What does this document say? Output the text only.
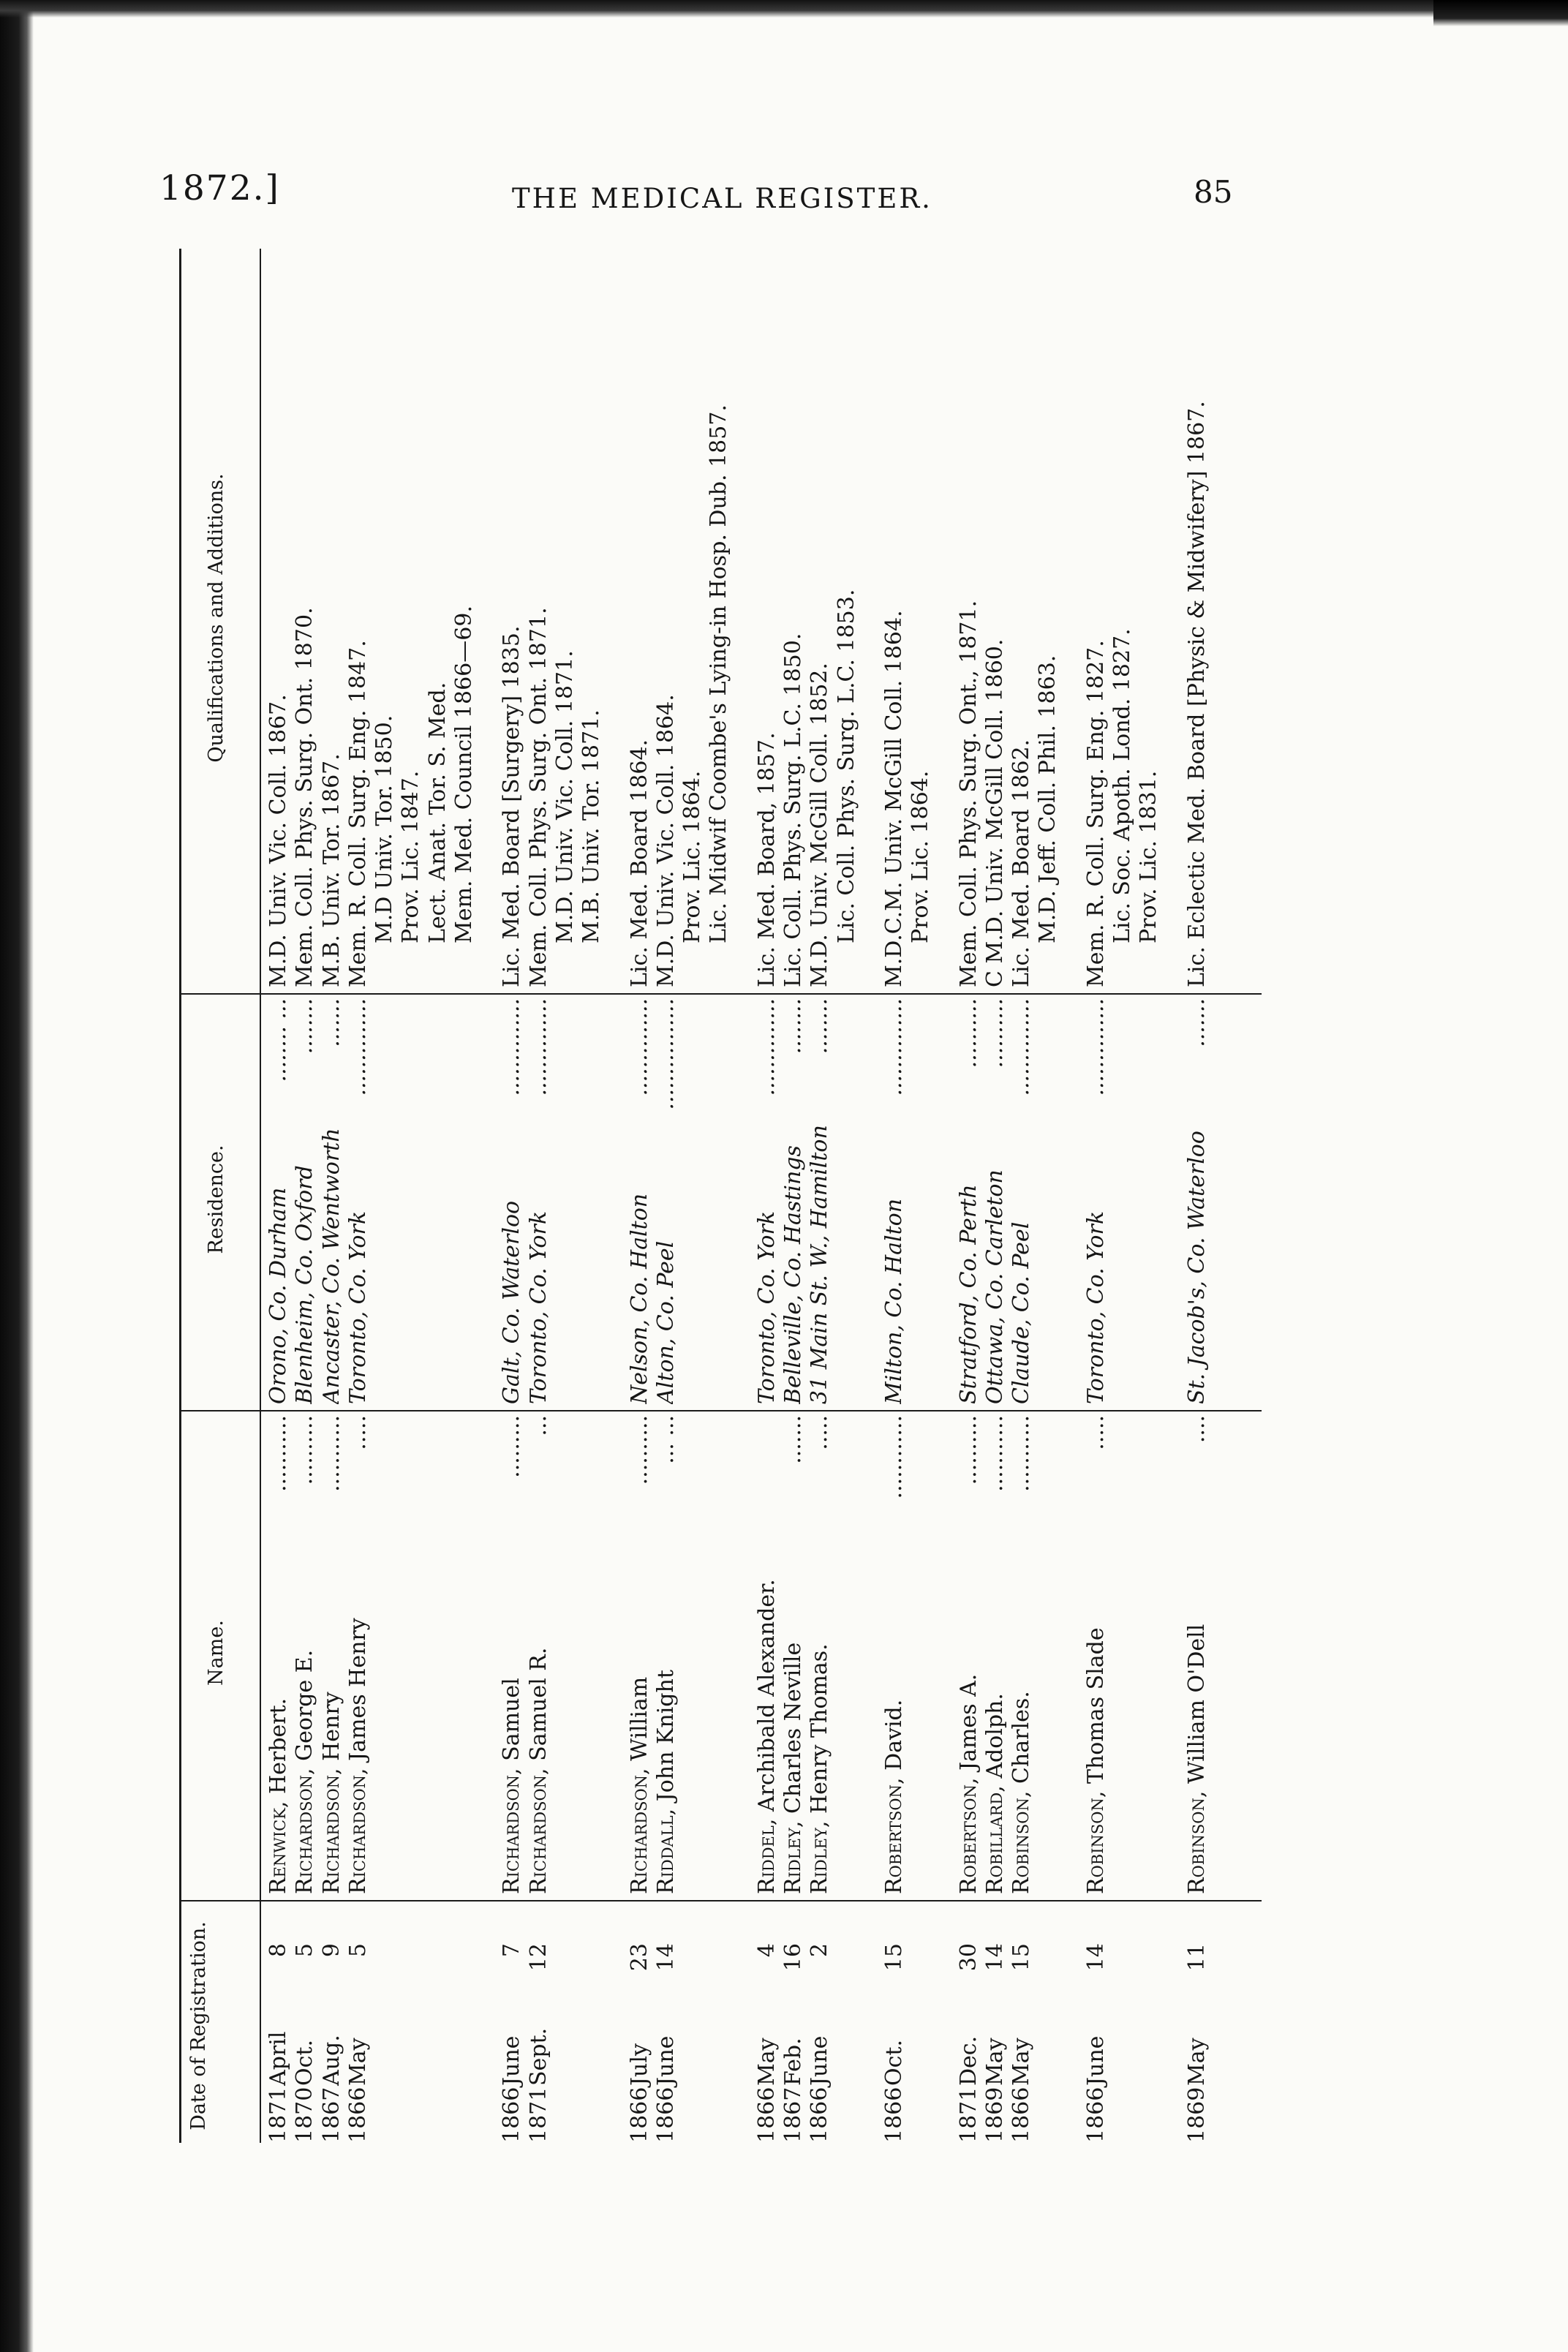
1872.]	THE MEDICAL REGISTER.	85
Date of Registration.
Name.
Residence.
Qualifications and Additions.
1871April8
Renwick, Herbert.
...........
Orono, Co. Durham
........ ...
M.D. Univ. Vic. Coll. 1867.
1870Oct.5
Richardson, George E.
..........
Blenheim, Co. Oxford
........
Mem. Coll. Phys. Surg. Ont. 1870.
1867Aug.9
Richardson, Henry
...........
Ancaster, Co. Wentworth
.......
M.B. Univ. Tor. 1867.
1866May5
Richardson, James Henry
.....
Toronto, Co. York
..............
Mem. R. Coll. Surg. Eng. 1847. M.D Univ. Tor. 1850. Prov. Lic. 1847. Lect. Anat. Tor. S. Med. Mem. Med. Council 1866—69.
1866June7
Richardson, Samuel
.........
Galt, Co. Waterloo
..............
Lic. Med. Board [Surgery] 1835.
1871Sept.12
Richardson, Samuel R.
...
Toronto, Co. York
..............
Mem. Coll. Phys. Surg. Ont. 1871. M.D. Univ. Vic. Coll. 1871. M.B. Univ. Tor. 1871.
1866July23
Richardson, William
..........
Nelson, Co. Halton
..............
Lic. Med. Board 1864.
1866June14
Riddall, John Knight
... ...
Alton, Co. Peel
................
M.D. Univ. Vic. Coll. 1864. Prov. Lic. 1864. Lic. Midwif Coombe's Lying-in Hosp. Dub. 1857.
1866May4
Riddel, Archibald Alexander.
Toronto, Co. York
..............
Lic. Med. Board, 1857.
1867Feb.16
Ridley, Charles Neville
.......
Belleville, Co. Hastings
........
Lic. Coll. Phys. Surg. L.C. 1850.
1866June2
Ridley, Henry Thomas.
.....
31 Main St. W., Hamilton
........
M.D. Univ. McGill Coll. 1852. Lic. Coll. Phys. Surg. L.C. 1853.
1866Oct.15
Robertson, David.
............
Milton, Co. Halton
..............
M.D.C.M. Univ. McGill Coll. 1864. Prov. Lic. 1864.
1871Dec.30
Robertson, James A.
..........
Stratford, Co. Perth
..........
Mem. Coll. Phys. Surg. Ont., 1871.
1869May14
Robillard, Adolph.
...........
Ottawa, Co. Carleton
..........
C M.D. Univ. McGill Coll. 1860.
1866May15
Robinson, Charles.
...........
Claude, Co. Peel
..............
Lic. Med. Board 1862. M.D. Jeff. Coll. Phil. 1863.
1866June14
Robinson, Thomas Slade
.....
Toronto, Co. York
..............
Mem. R. Coll. Surg. Eng. 1827. Lic. Soc. Apoth. Lond. 1827. Prov. Lic. 1831.
1869May11
Robinson, William O'Dell
....
St. Jacob's, Co. Waterloo
.......
Lic. Eclectic Med. Board [Physic & Midwifery] 1867.
